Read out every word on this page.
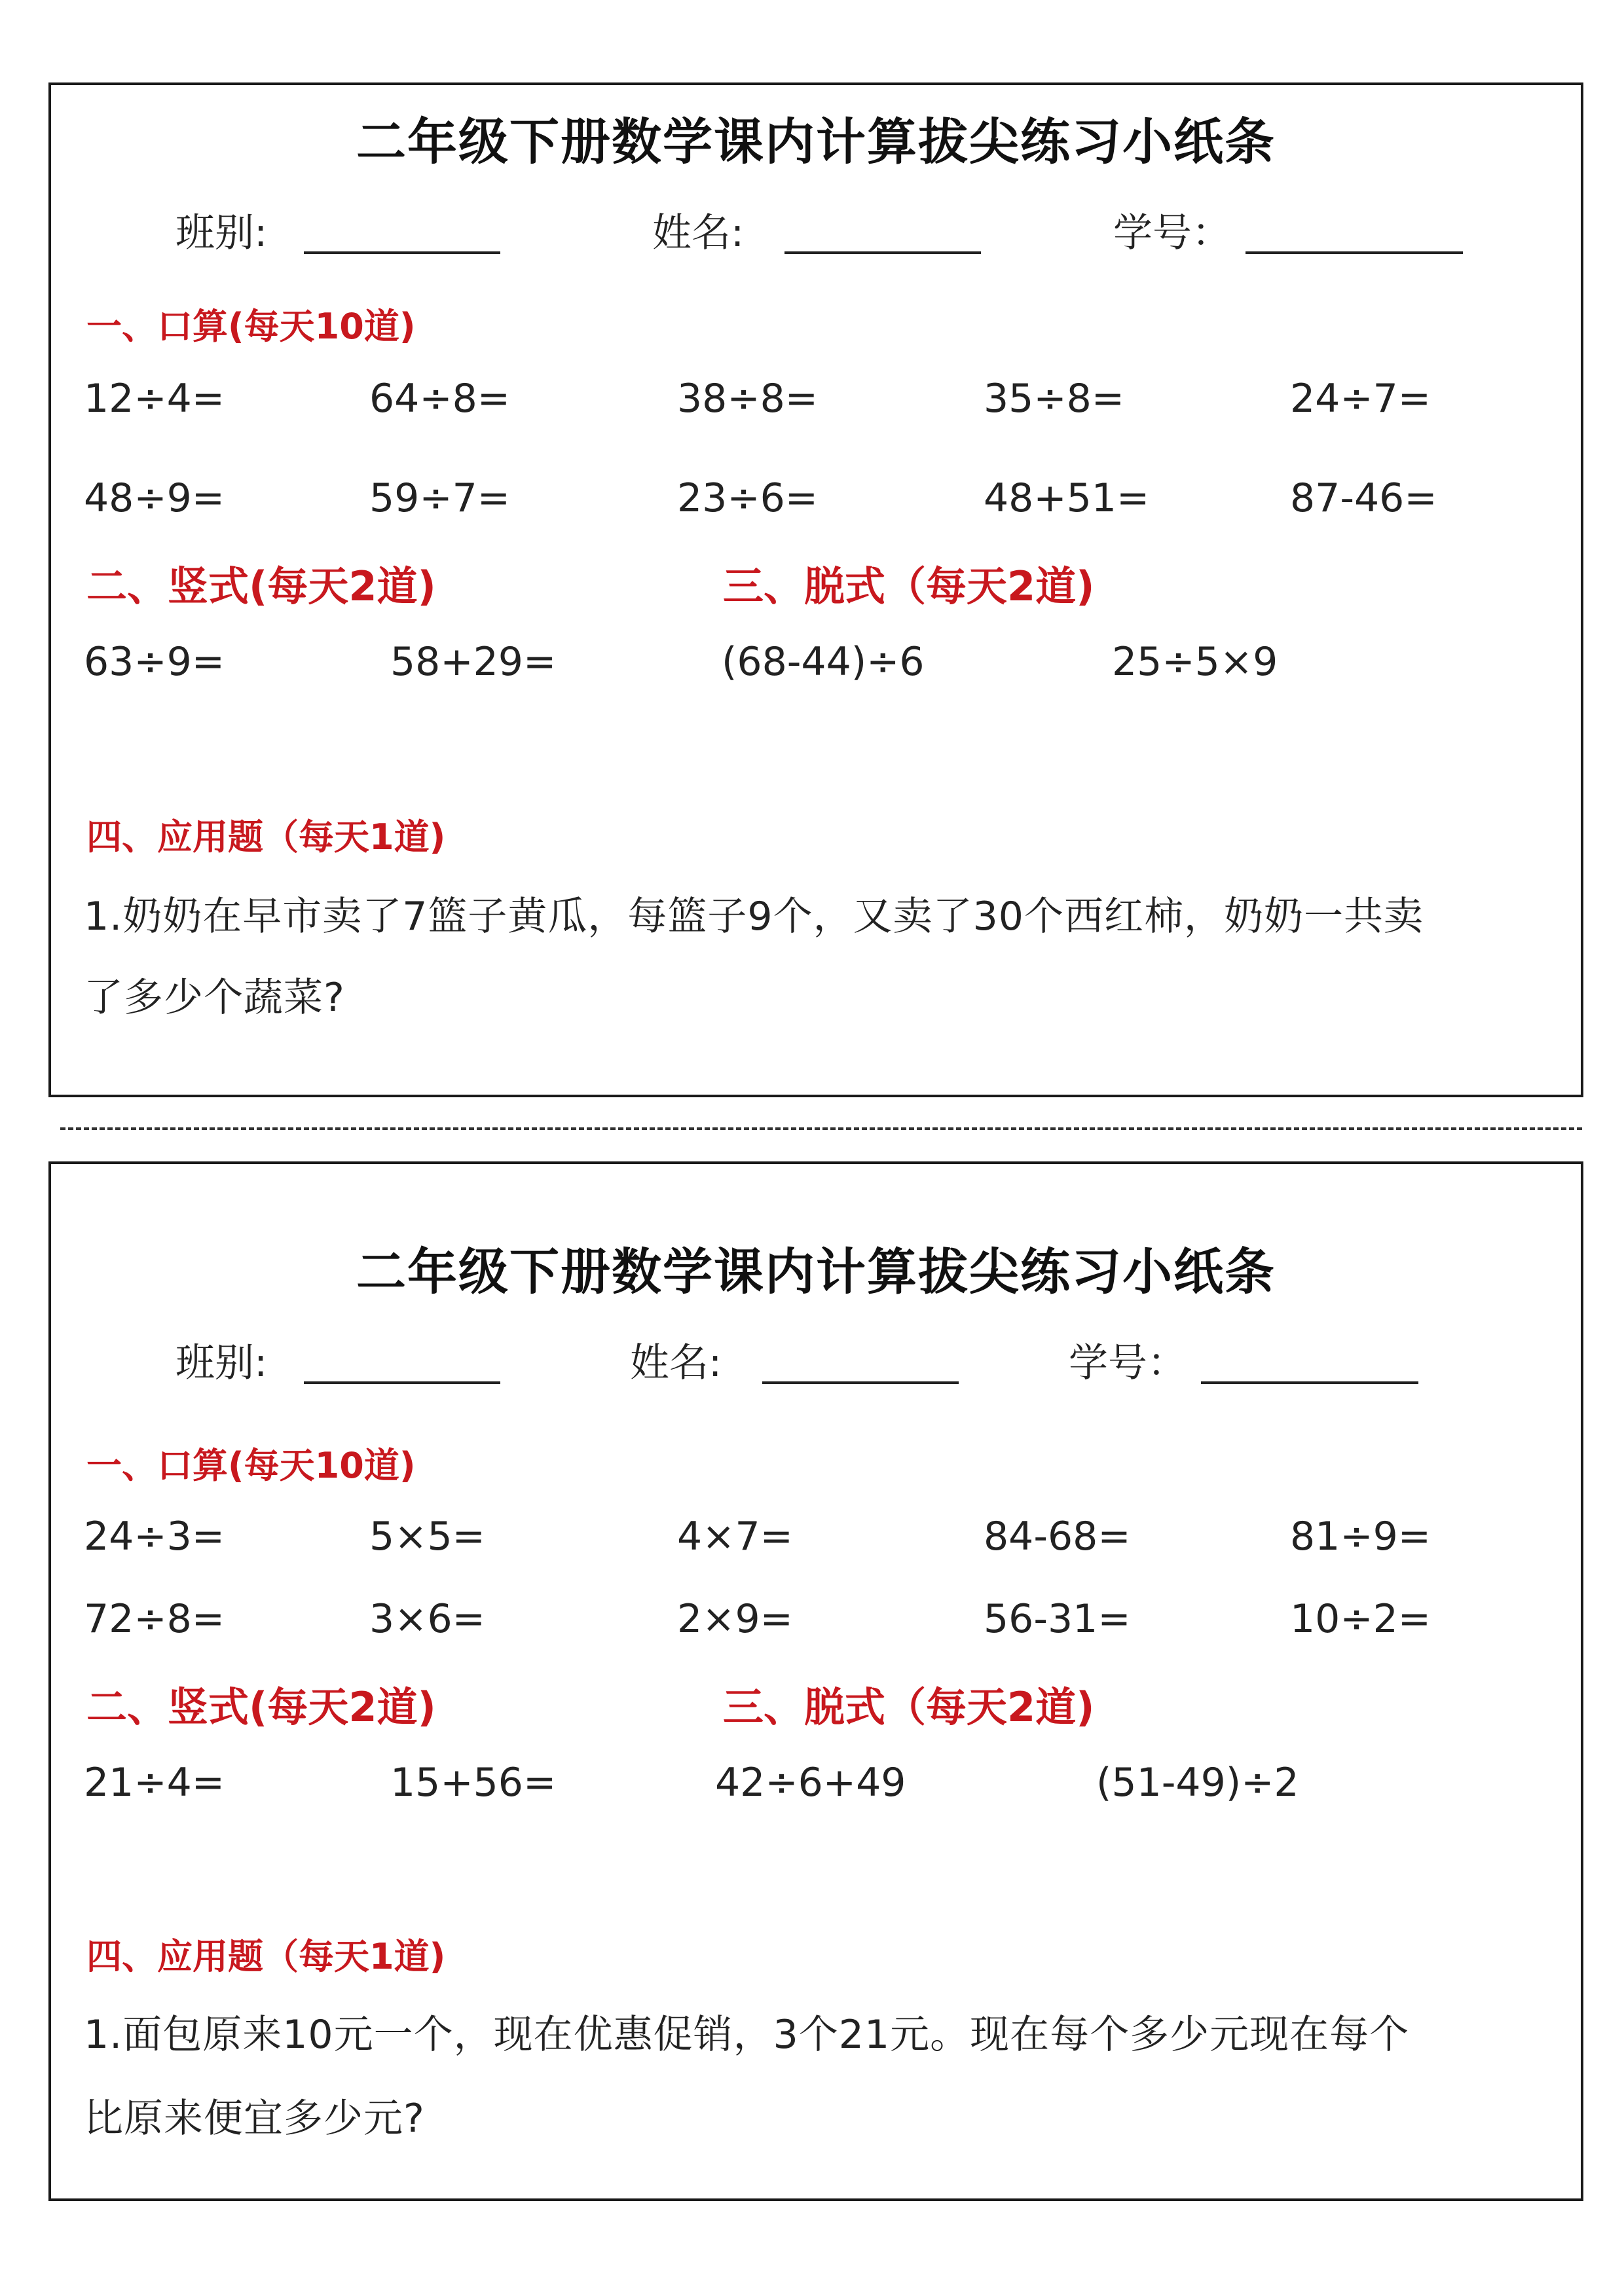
二年级下册数学课内计算拔尖练习小纸条
班别:	姓名:	学号：
一、口算(每天10道)
12÷4=	64÷8=	38÷8=	35÷8=	24÷7=
48÷9=	59÷7=	23÷6=	48+51=	87-46=
二、竖式(每天2道)	三、脱式（每天2道)
63÷9=	58+29=	(68-44)÷6	25÷5×9
四、应用题（每天1道)
1.奶奶在早市卖了7篮子黄瓜，每篮子9个，又卖了30个西红柿，奶奶一共卖
了多少个蔬菜?
二年级下册数学课内计算拔尖练习小纸条
班别:	姓名:	学号：
一、口算(每天10道)
24÷3=	5×5=	4×7=	84-68=	81÷9=
72÷8=	3×6=	2×9=	56-31=	10÷2=
二、竖式(每天2道)	三、脱式（每天2道)
21÷4=	15+56=	42÷6+49	(51-49)÷2
四、应用题（每天1道)
1.面包原来10元一个，现在优惠促销，3个21元。现在每个多少元现在每个
比原来便宜多少元?
